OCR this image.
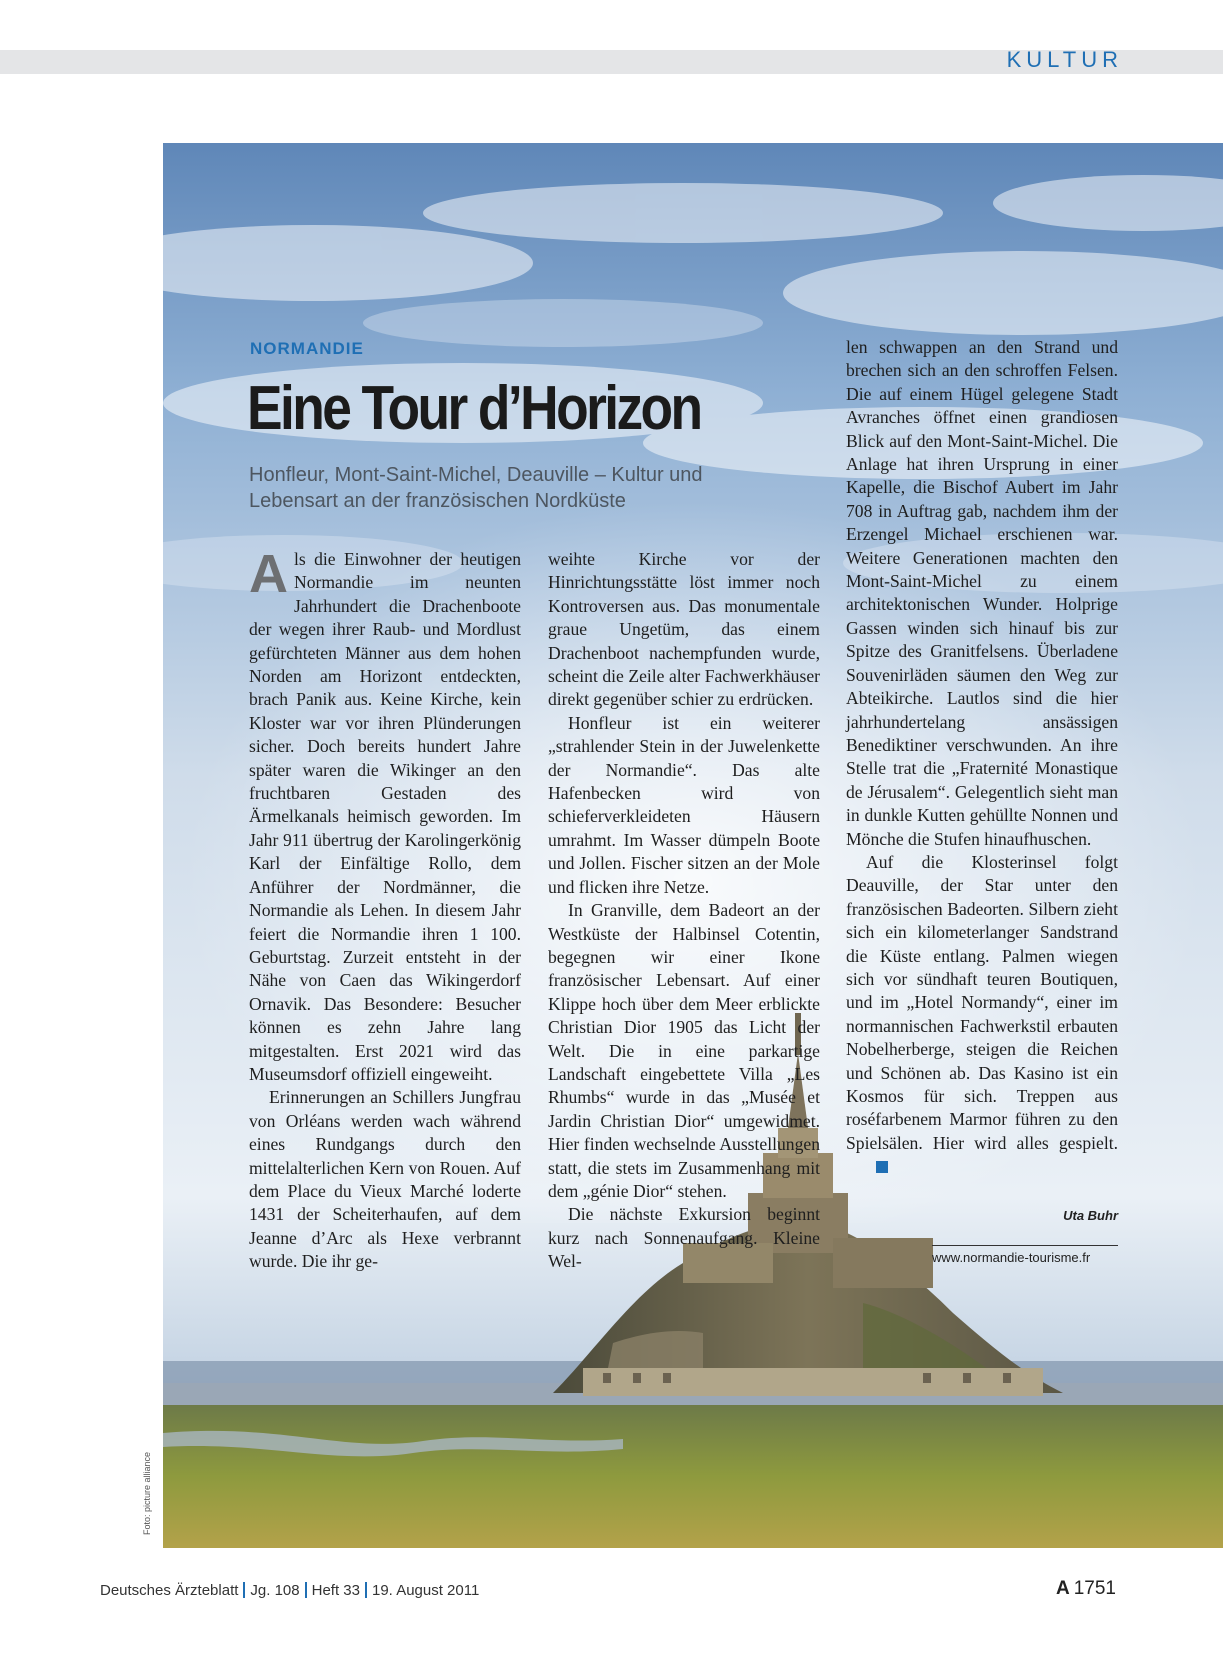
KULTUR
NORMANDIE
Eine Tour d’Horizon
Honfleur, Mont-Saint-Michel, Deauville – Kultur und Lebensart an der französischen Nordküste

Als die Einwohner der heutigen Normandie im neunten Jahrhundert die Drachenboote der wegen ihrer Raub- und Mordlust gefürchteten Männer aus dem hohen Norden am Horizont entdeckten, brach Panik aus. Keine Kirche, kein Kloster war vor ihren Plünderungen sicher. Doch bereits hundert Jahre später waren die Wikinger an den fruchtbaren Gestaden des Ärmelkanals heimisch geworden. Im Jahr 911 übertrug der Karolingerkönig Karl der Einfältige Rollo, dem Anführer der Nordmänner, die Normandie als Lehen. In diesem Jahr feiert die Normandie ihren 1 100. Geburtstag. Zurzeit entsteht in der Nähe von Caen das Wikingerdorf Ornavik. Das Besondere: Besucher können es zehn Jahre lang mitgestalten. Erst 2021 wird das Museumsdorf offiziell eingeweiht.

Erinnerungen an Schillers Jungfrau von Orléans werden wach während eines Rundgangs durch den mittelalterlichen Kern von Rouen. Auf dem Place du Vieux Marché loderte 1431 der Scheiterhaufen, auf dem Jeanne d’Arc als Hexe verbrannt wurde. Die ihr ge-

weihte Kirche vor der Hinrichtungsstätte löst immer noch Kontroversen aus. Das monumentale graue Ungetüm, das einem Drachenboot nachempfunden wurde, scheint die Zeile alter Fachwerkhäuser direkt gegenüber schier zu erdrücken.

Honfleur ist ein weiterer „strahlender Stein in der Juwelenkette der Normandie“. Das alte Hafenbecken wird von schieferverkleideten Häusern umrahmt. Im Wasser dümpeln Boote und Jollen. Fischer sitzen an der Mole und flicken ihre Netze.

In Granville, dem Badeort an der Westküste der Halbinsel Cotentin, begegnen wir einer Ikone französischer Lebensart. Auf einer Klippe hoch über dem Meer erblickte Christian Dior 1905 das Licht der Welt. Die in eine parkartige Landschaft eingebettete Villa „Les Rhumbs“ wurde in das „Musée et Jardin Christian Dior“ umgewidmet. Hier finden wechselnde Ausstellungen statt, die stets im Zusammenhang mit dem „génie Dior“ stehen.

Die nächste Exkursion beginnt kurz nach Sonnenaufgang. Kleine Wel-

len schwappen an den Strand und brechen sich an den schroffen Felsen. Die auf einem Hügel gelegene Stadt Avranches öffnet einen grandiosen Blick auf den Mont-Saint-Michel. Die Anlage hat ihren Ursprung in einer Kapelle, die Bischof Aubert im Jahr 708 in Auftrag gab, nachdem ihm der Erzengel Michael erschienen war. Weitere Generationen machten den Mont-Saint-Michel zu einem architektonischen Wunder. Holprige Gassen winden sich hinauf bis zur Spitze des Granitfelsens. Überladene Souvenirläden säumen den Weg zur Abteikirche. Lautlos sind die hier jahrhundertelang ansässigen Benediktiner verschwunden. An ihre Stelle trat die „Fraternité Monastique de Jérusalem“. Gelegentlich sieht man in dunkle Kutten gehüllte Nonnen und Mönche die Stufen hinaufhuschen.

Auf die Klosterinsel folgt Deauville, der Star unter den französischen Badeorten. Silbern zieht sich ein kilometerlanger Sandstrand die Küste entlang. Palmen wiegen sich vor sündhaft teuren Boutiquen, und im „Hotel Normandy“, einer im normannischen Fachwerkstil erbauten Nobelherberge, steigen die Reichen und Schönen ab. Das Kasino ist ein Kosmos für sich. Treppen aus roséfarbenem Marmor führen zu den Spielsälen. Hier wird alles gespielt.

Uta Buhr
www.normandie-tourisme.fr
Foto: picture alliance
Deutsches Ärzteblatt Jg. 108 Heft 33 19. August 2011	A 1751
